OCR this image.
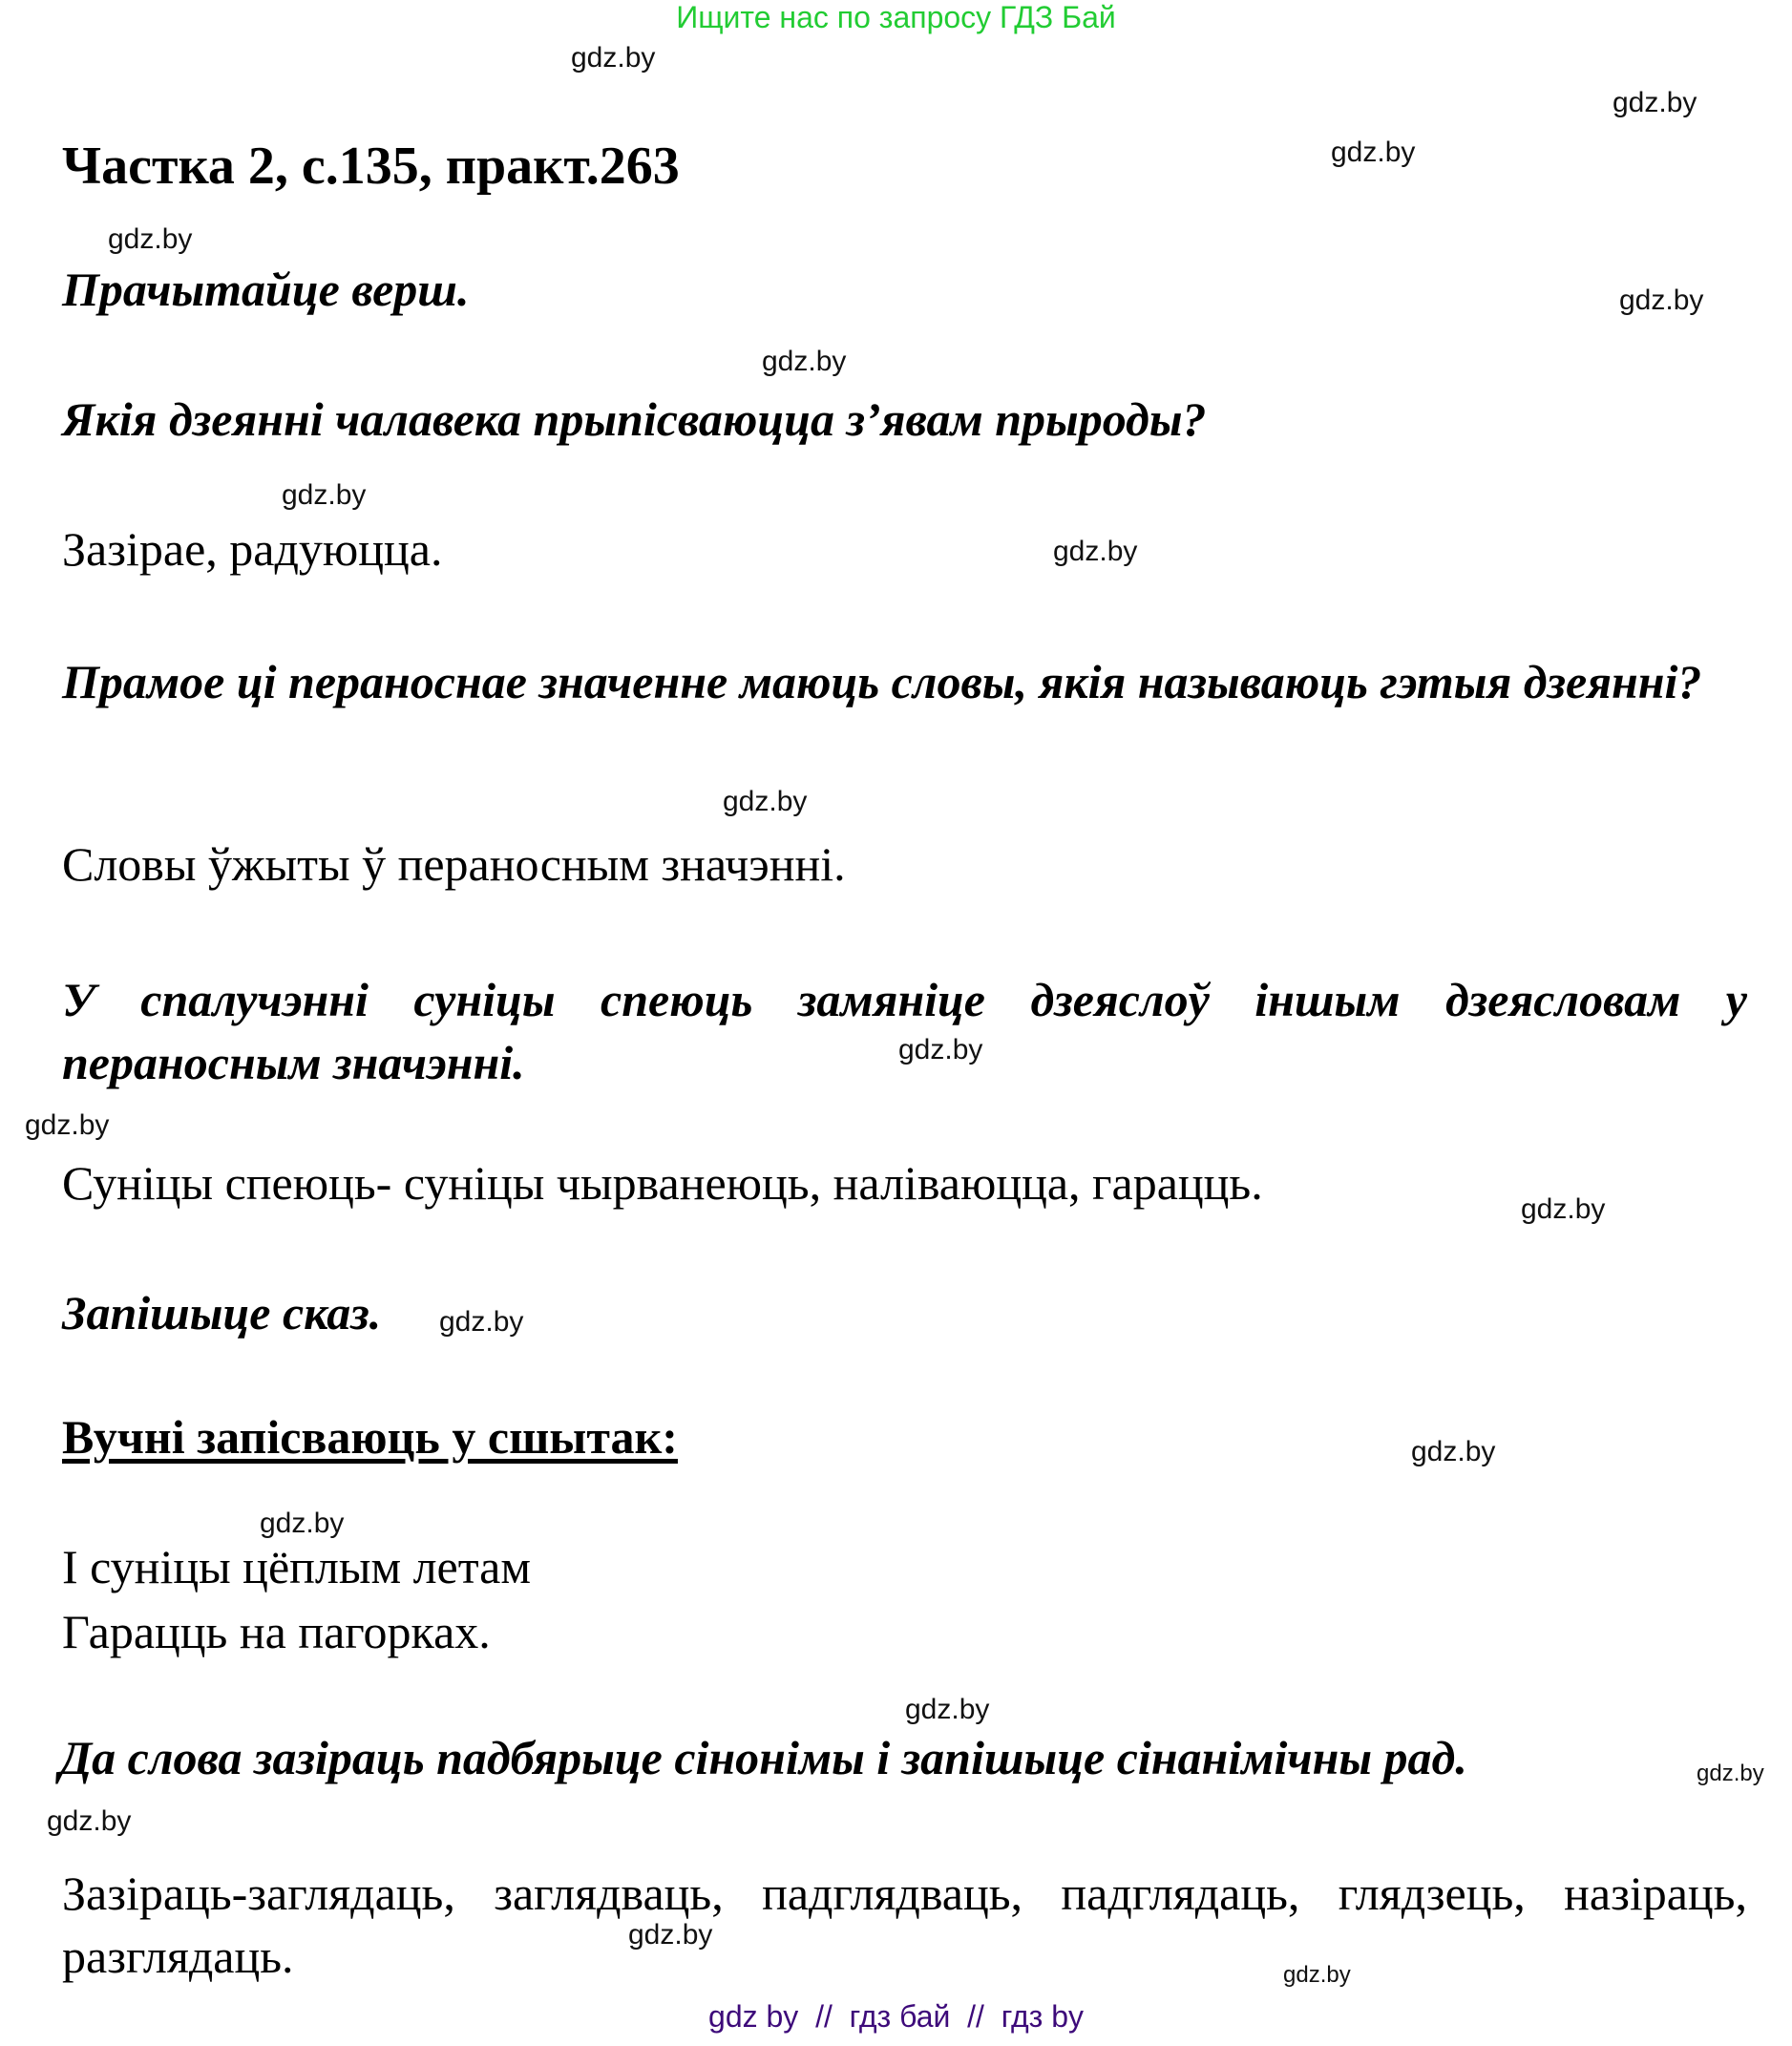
Ищите нас по запросу ГДЗ Бай
Частка 2, с.135, практ.263
Прачытайце верш.
Якія дзеянні чалавека прыпісваюцца з’явам прыроды?
Зазірае, радуюцца.
Прамое ці пераноснае значенне маюць словы, якія называюць гэтыя дзеянні?
Словы ўжыты ў пераносным значэнні.
У спалучэнні суніцы спеюць замяніце дзеяслоў іншым дзеясловам у пераносным значэнні.
Суніцы спеюць- суніцы чырванеюць, наліваюцца, гарацць.
Запішыце сказ.
Вучні запісваюць у сшытак:
І суніцы цёплым летам
Гарацць на пагорках.
Да слова зазіраць падбярыце сінонімы і запішыце сінанімічны рад.
Зазіраць-заглядаць, заглядваць, падглядваць, падглядаць, глядзець, назіраць, разглядаць.
gdz.by
gdz.by
gdz.by
gdz.by
gdz.by
gdz.by
gdz.by
gdz.by
gdz.by
gdz.by
gdz.by
gdz.by
gdz.by
gdz.by
gdz.by
gdz.by
gdz.by
gdz.by
gdz.by
gdz.by
gdz by  //  гдз бай  //  гдз by
